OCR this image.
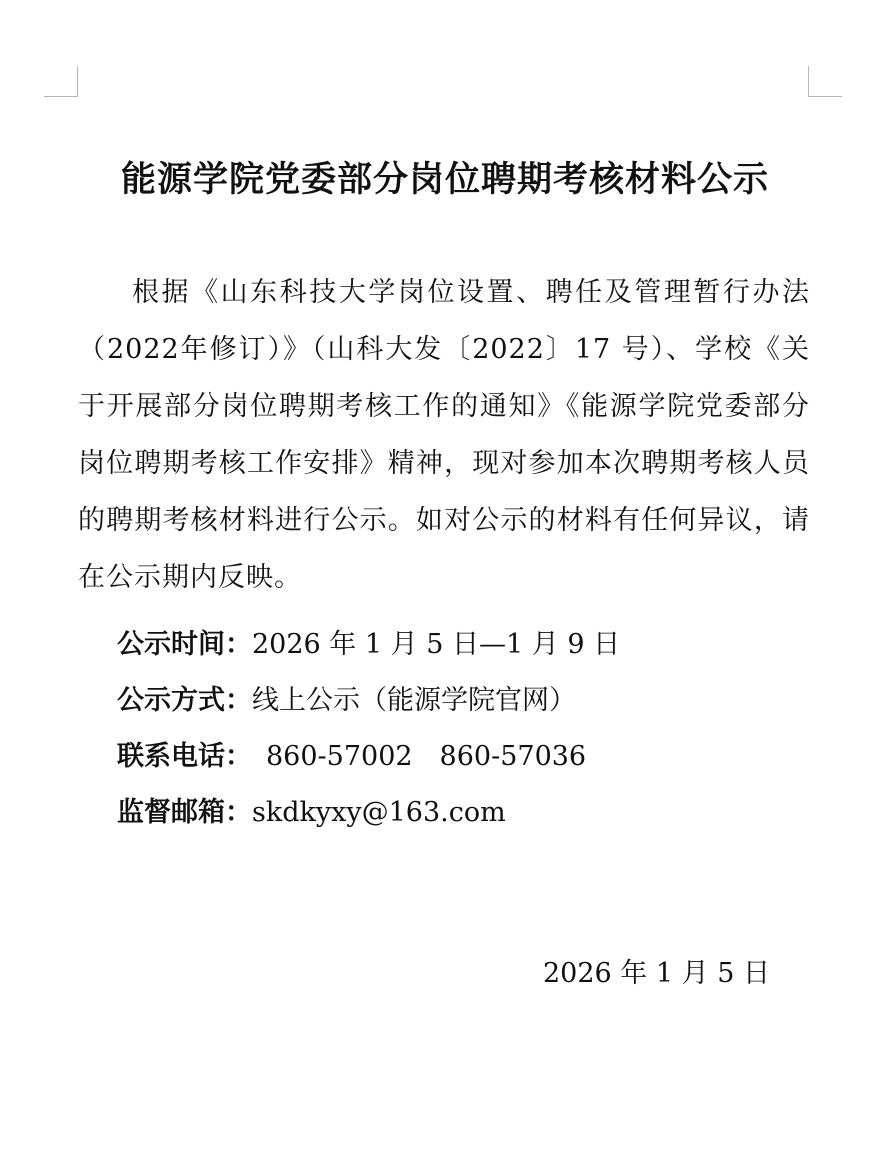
能源学院党委部分岗位聘期考核材料公示

根据《山东科技大学岗位设置、聘任及管理暂行办法（2022年修订）》（山科大发〔2022〕17 号）、学校《关于开展部分岗位聘期考核工作的通知》《能源学院党委部分岗位聘期考核工作安排》精神，现对参加本次聘期考核人员的聘期考核材料进行公示。如对公示的材料有任何异议，请在公示期内反映。

公示时间：2026 年 1 月 5 日—1 月 9 日
公示方式：线上公示（能源学院官网）
联系电话： 860-57002　860-57036
监督邮箱：skdkyxy@163.com

2026 年 1 月 5 日
